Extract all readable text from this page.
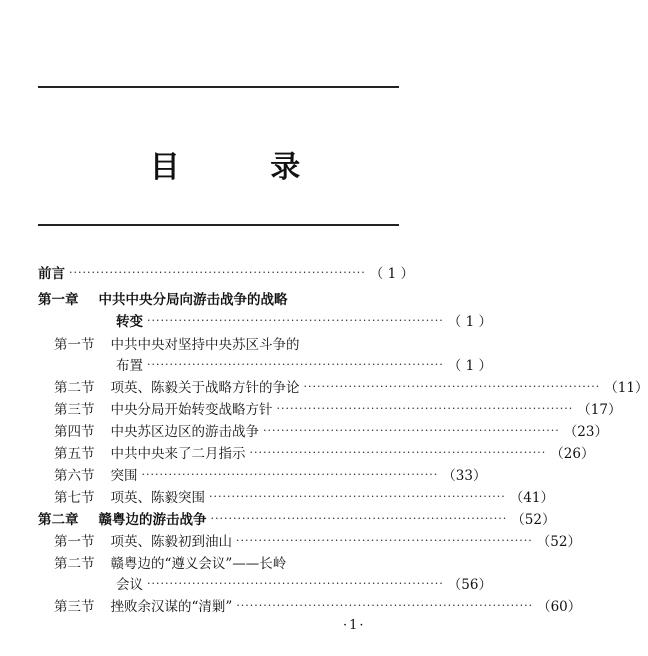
目 录
前言 ·································································· （ 1 ）
第一章 中共中央分局向游击战争的战略
转变 ·································································· （ 1 ）
第一节 中共中央对坚持中央苏区斗争的
布置 ·································································· （ 1 ）
第二节 项英、陈毅关于战略方针的争论 ·································································· （11）
第三节 中央分局开始转变战略方针 ·································································· （17）
第四节 中央苏区边区的游击战争 ·································································· （23）
第五节 中共中央来了二月指示 ·································································· （26）
第六节 突围 ·································································· （33）
第七节 项英、陈毅突围 ·································································· （41）
第二章 赣粤边的游击战争 ·································································· （52）
第一节 项英、陈毅初到油山 ·································································· （52）
第二节 赣粤边的“遵义会议”——长岭
会议 ·································································· （56）
第三节 挫败余汉谋的“清剿” ·································································· （60）
·1·
